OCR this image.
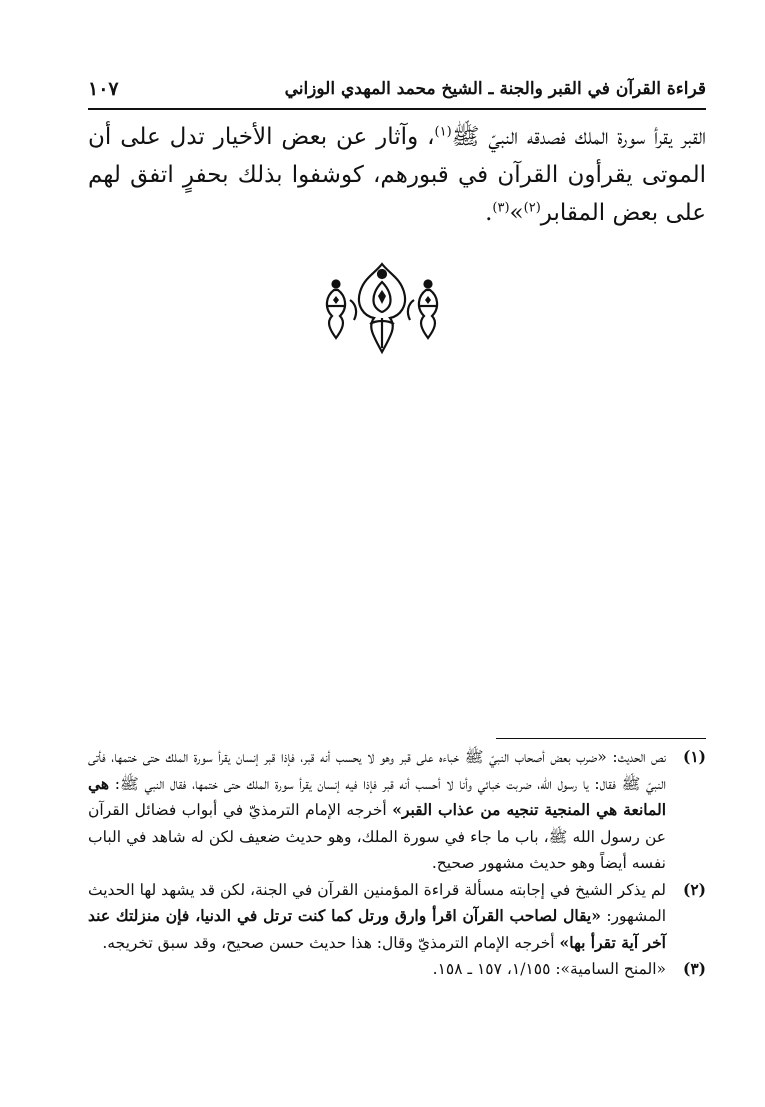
قراءة القرآن في القبر والجنة ـ الشيخ محمد المهدي الوزاني
١٠٧

القبر يقرأ سورة الملك فصدقه النبيّ ﷺ$^{(١)}$، وآثار عن بعض الأخيار تدل على أن الموتى يقرأون القرآن في قبورهم، كوشفوا بذلك بحفرٍ اتفق لهم على بعض المقابر$^{(٢)}$»$^{(٣)}$.

(١)
نص الحديث: «ضرب بعض أصحاب النبيّ ﷺ خباءه على قبر وهو لا يحسب أنه قبر، فإذا قبر إنسان يقرأ سورة الملك حتى ختمها، فأتى النبيّ ﷺ فقال: يا رسول الله، ضربت خبائي وأنا لا أحسب أنه قبر فإذا فيه إنسان يقرأ سورة الملك حتى ختمها، فقال النبي ﷺ: هي المانعة هي المنجية تنجيه من عذاب القبر» أخرجه الإمام الترمذيّ في أبواب فضائل القرآن عن رسول الله ﷺ، باب ما جاء في سورة الملك، وهو حديث ضعيف لكن له شاهد في الباب نفسه أيضاً وهو حديث مشهور صحيح.
(٢)
لم يذكر الشيخ في إجابته مسألة قراءة المؤمنين القرآن في الجنة، لكن قد يشهد لها الحديث المشهور: «يقال لصاحب القرآن اقرأ وارق ورتل كما كنت ترتل في الدنيا، فإن منزلتك عند آخر آية تقرأ بها» أخرجه الإمام الترمذيّ وقال: هذا حديث حسن صحيح، وقد سبق تخريجه.
(٣)
«المنح السامية»: ١/١٥٥، ١٥٧ ـ ١٥٨.
